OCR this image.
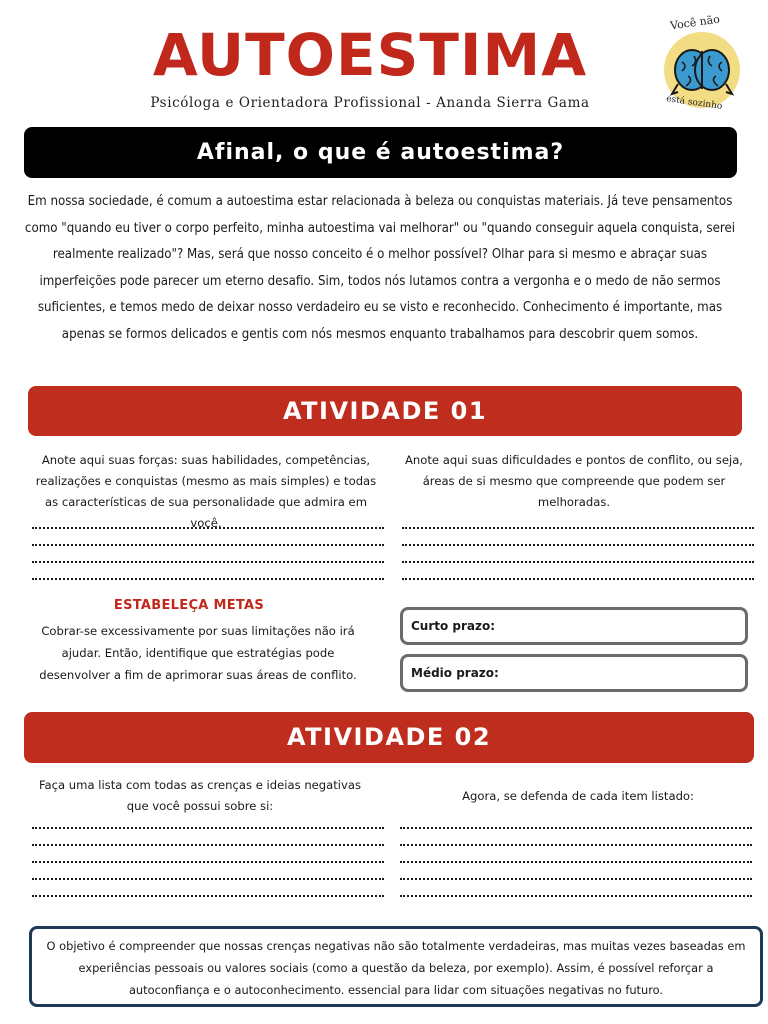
AUTOESTIMA
Psicóloga e Orientadora Profissional - Ananda Sierra Gama
Você não
está sozinho
Afinal, o que é autoestima?
Em nossa sociedade, é comum a autoestima estar relacionada à beleza ou conquistas materiais. Já teve pensamentos como "quando eu tiver o corpo perfeito, minha autoestima vai melhorar" ou "quando conseguir aquela conquista, serei realmente realizado"? Mas, será que nosso conceito é o melhor possível? Olhar para si mesmo e abraçar suas imperfeições pode parecer um eterno desafio. Sim, todos nós lutamos contra a vergonha e o medo de não sermos suficientes, e temos medo de deixar nosso verdadeiro eu se visto e reconhecido. Conhecimento é importante, mas apenas se formos delicados e gentis com nós mesmos enquanto trabalhamos para descobrir quem somos.
ATIVIDADE 01
Anote aqui suas forças: suas habilidades, competências, realizações e conquistas (mesmo as mais simples) e todas as características de sua personalidade que admira em você.
Anote aqui suas dificuldades e pontos de conflito, ou seja, áreas de si mesmo que compreende que podem ser melhoradas.
ESTABELEÇA METAS
Cobrar-se excessivamente por suas limitações não irá ajudar. Então, identifique que estratégias pode desenvolver a fim de aprimorar suas áreas de conflito.
Curto prazo:
Médio prazo:
ATIVIDADE 02
Faça uma lista com todas as crenças e ideias negativas que você possui sobre si:
Agora, se defenda de cada item listado:
O objetivo é compreender que nossas crenças negativas não são totalmente verdadeiras, mas muitas vezes baseadas em experiências pessoais ou valores sociais (como a questão da beleza, por exemplo). Assim, é possível reforçar a autoconfiança e o autoconhecimento. essencial para lidar com situações negativas no futuro.
